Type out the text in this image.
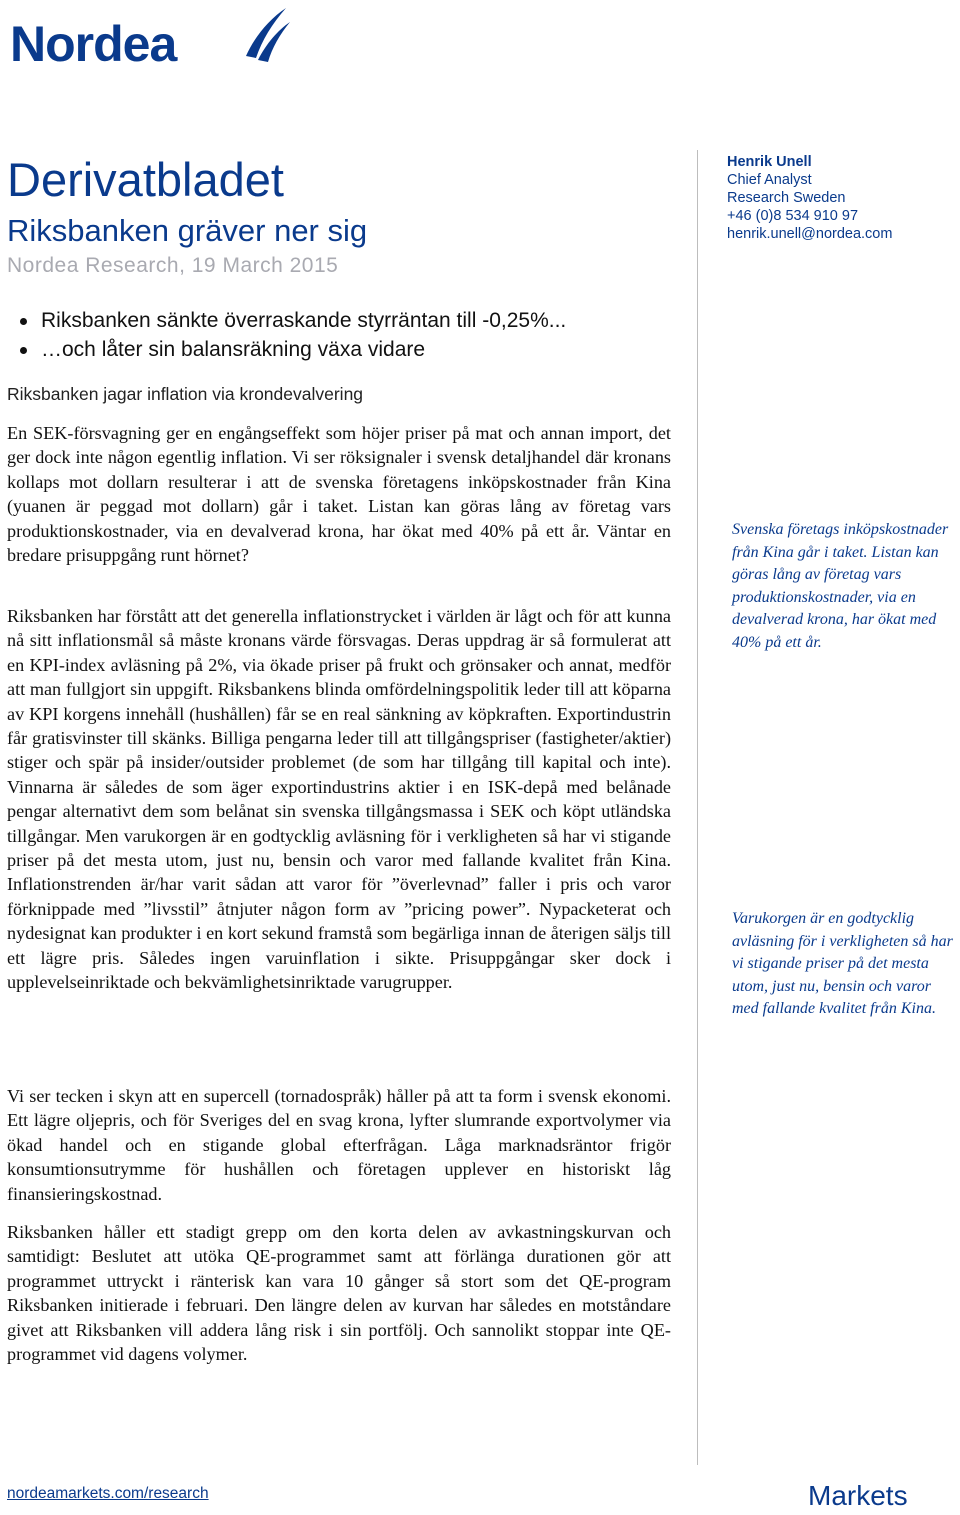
Nordea
Derivatbladet
Riksbanken gräver ner sig
Nordea Research, 19 March 2015
Henrik Unell
Chief Analyst
Research Sweden
+46 (0)8 534 910 97
henrik.unell@nordea.com
Riksbanken sänkte överraskande styrräntan till -0,25%...
…och låter sin balansräkning växa vidare
Riksbanken jagar inflation via krondevalvering

En SEK-försvagning ger en engångseffekt som höjer priser på mat och annan import, det ger dock inte någon egentlig inflation. Vi ser röksignaler i svensk detaljhandel där kronans kollaps mot dollarn resulterar i att de svenska företagens inköpskostnader från Kina (yuanen är peggad mot dollarn) går i taket. Listan kan göras lång av företag vars produktionskostnader, via en devalverad krona, har ökat med 40% på ett år. Väntar en bredare prisuppgång runt hörnet?

Riksbanken har förstått att det generella inflationstrycket i världen är lågt och för att kunna nå sitt inflationsmål så måste kronans värde försvagas. Deras uppdrag är så formulerat att en KPI-index avläsning på 2%, via ökade priser på frukt och grönsaker och annat, medför att man fullgjort sin uppgift. Riksbankens blinda omfördelningspolitik leder till att köparna av KPI korgens innehåll (hushållen) får se en real sänkning av köpkraften. Exportindustrin får gratisvinster till skänks. Billiga pengarna leder till att tillgångspriser (fastigheter/aktier) stiger och spär på insider/outsider problemet (de som har tillgång till kapital och inte). Vinnarna är således de som äger exportindustrins aktier i en ISK-depå med belånade pengar alternativt dem som belånat sin svenska tillgångsmassa i SEK och köpt utländska tillgångar. Men varukorgen är en godtycklig avläsning för i verkligheten så har vi stigande priser på det mesta utom, just nu, bensin och varor med fallande kvalitet från Kina. Inflationstrenden är/har varit sådan att varor för ”överlevnad” faller i pris och varor förknippade med ”livsstil” åtnjuter någon form av ”pricing power”. Nypacketerat och nydesignat kan produkter i en kort sekund framstå som begärliga innan de återigen säljs till ett lägre pris. Således ingen varuinflation i sikte. Prisuppgångar sker dock i upplevelseinriktade och bekvämlighetsinriktade varugrupper.

Vi ser tecken i skyn att en supercell (tornadospråk) håller på att ta form i svensk ekonomi. Ett lägre oljepris, och för Sveriges del en svag krona, lyfter slumrande exportvolymer via ökad handel och en stigande global efterfrågan. Låga marknadsräntor frigör konsumtionsutrymme för hushållen och företagen upplever en historiskt låg finansieringskostnad.

Riksbanken håller ett stadigt grepp om den korta delen av avkastningskurvan och samtidigt: Beslutet att utöka QE-programmet samt att förlänga durationen gör att programmet uttryckt i ränterisk kan vara 10 gånger så stort som det QE-program Riksbanken initierade i februari. Den längre delen av kurvan har således en motståndare givet att Riksbanken vill addera lång risk i sin portfölj. Och sannolikt stoppar inte QE-programmet vid dagens volymer.

Svenska företags inköpskostnader från Kina går i taket. Listan kan göras lång av företag vars produktionskostnader, via en devalverad krona, har ökat med 40% på ett år.
Varukorgen är en godtycklig avläsning för i verkligheten så har vi stigande priser på det mesta utom, just nu, bensin och varor med fallande kvalitet från Kina.
nordeamarkets.com/research	Markets
